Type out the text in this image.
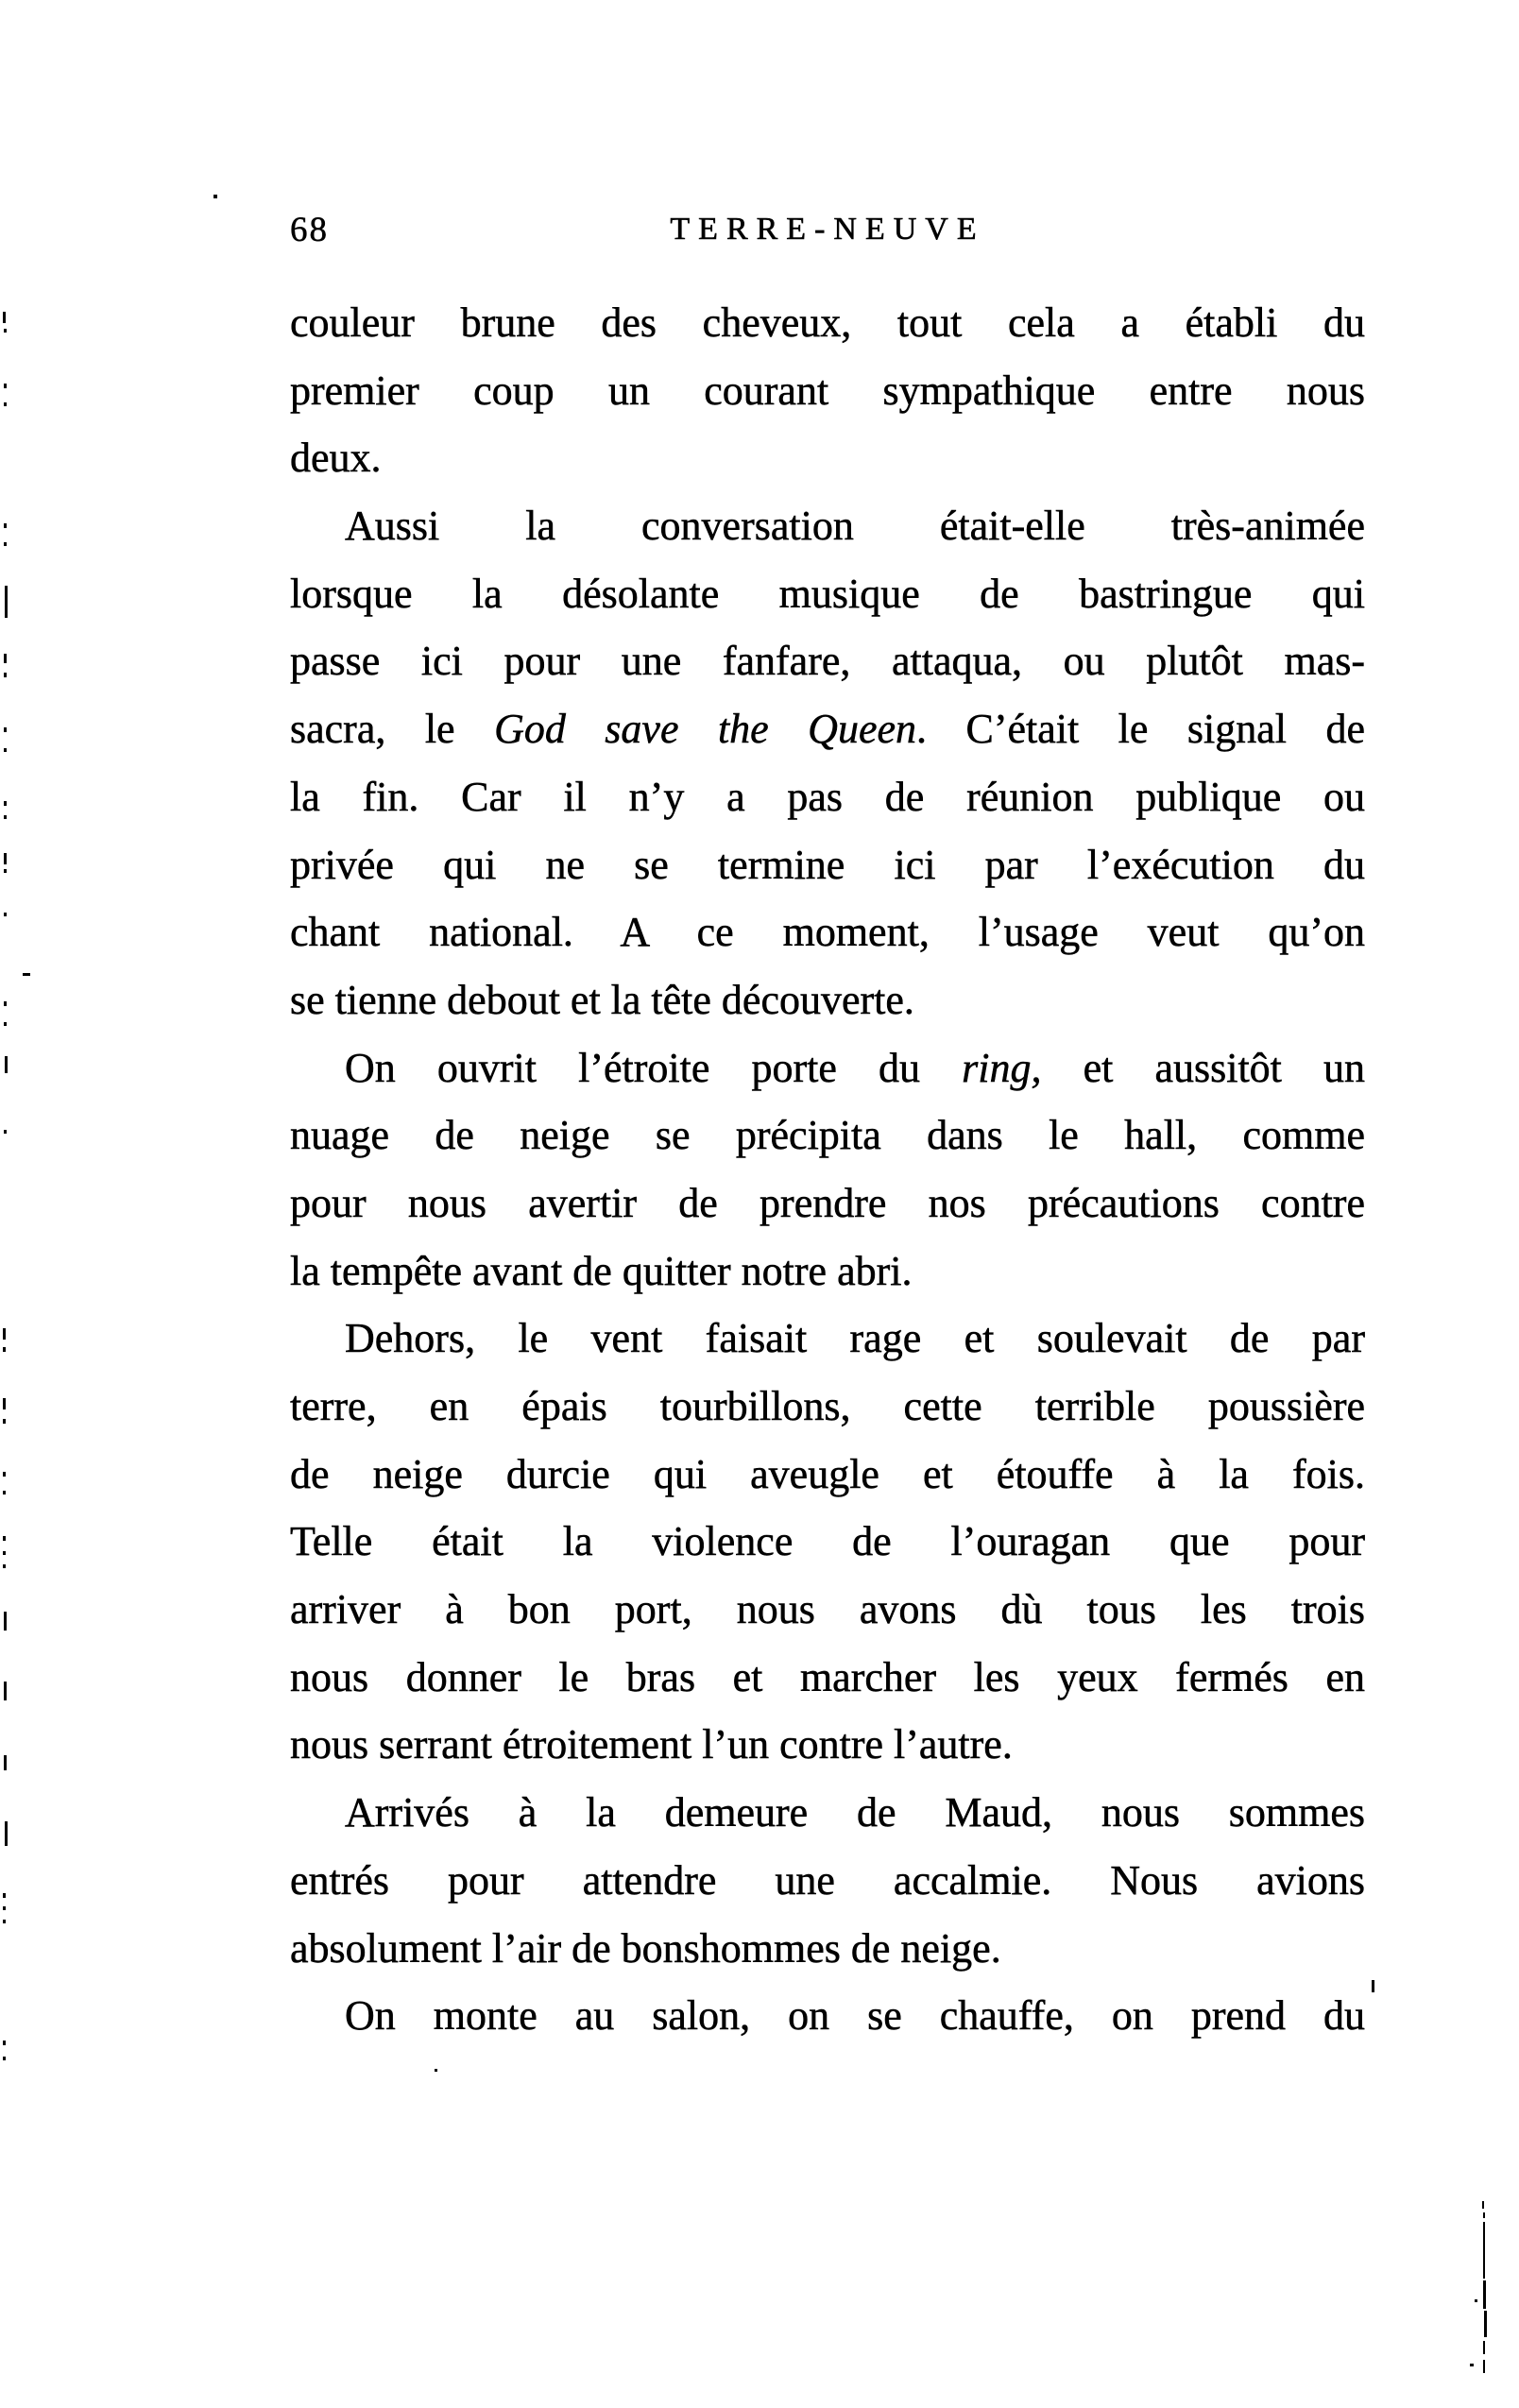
68	TERRE-NEUVE
couleur brune des cheveux, tout cela a établi du
premier coup un courant sympathique entre nous
deux.
Aussi la conversation était-elle très-animée
lorsque la désolante musique de bastringue qui
passe ici pour une fanfare, attaqua, ou plutôt mas-
sacra, le God save the Queen. C’était le signal de
la fin. Car il n’y a pas de réunion publique ou
privée qui ne se termine ici par l’exécution du
chant national. A ce moment, l’usage veut qu’on
se tienne debout et la tête découverte.
On ouvrit l’étroite porte du ring, et aussitôt un
nuage de neige se précipita dans le hall, comme
pour nous avertir de prendre nos précautions contre
la tempête avant de quitter notre abri.
Dehors, le vent faisait rage et soulevait de par
terre, en épais tourbillons, cette terrible poussière
de neige durcie qui aveugle et étouffe à la fois.
Telle était la violence de l’ouragan que pour
arriver à bon port, nous avons dù tous les trois
nous donner le bras et marcher les yeux fermés en
nous serrant étroitement l’un contre l’autre.
Arrivés à la demeure de Maud, nous sommes
entrés pour attendre une accalmie. Nous avions
absolument l’air de bonshommes de neige.
On monte au salon, on se chauffe, on prend du
